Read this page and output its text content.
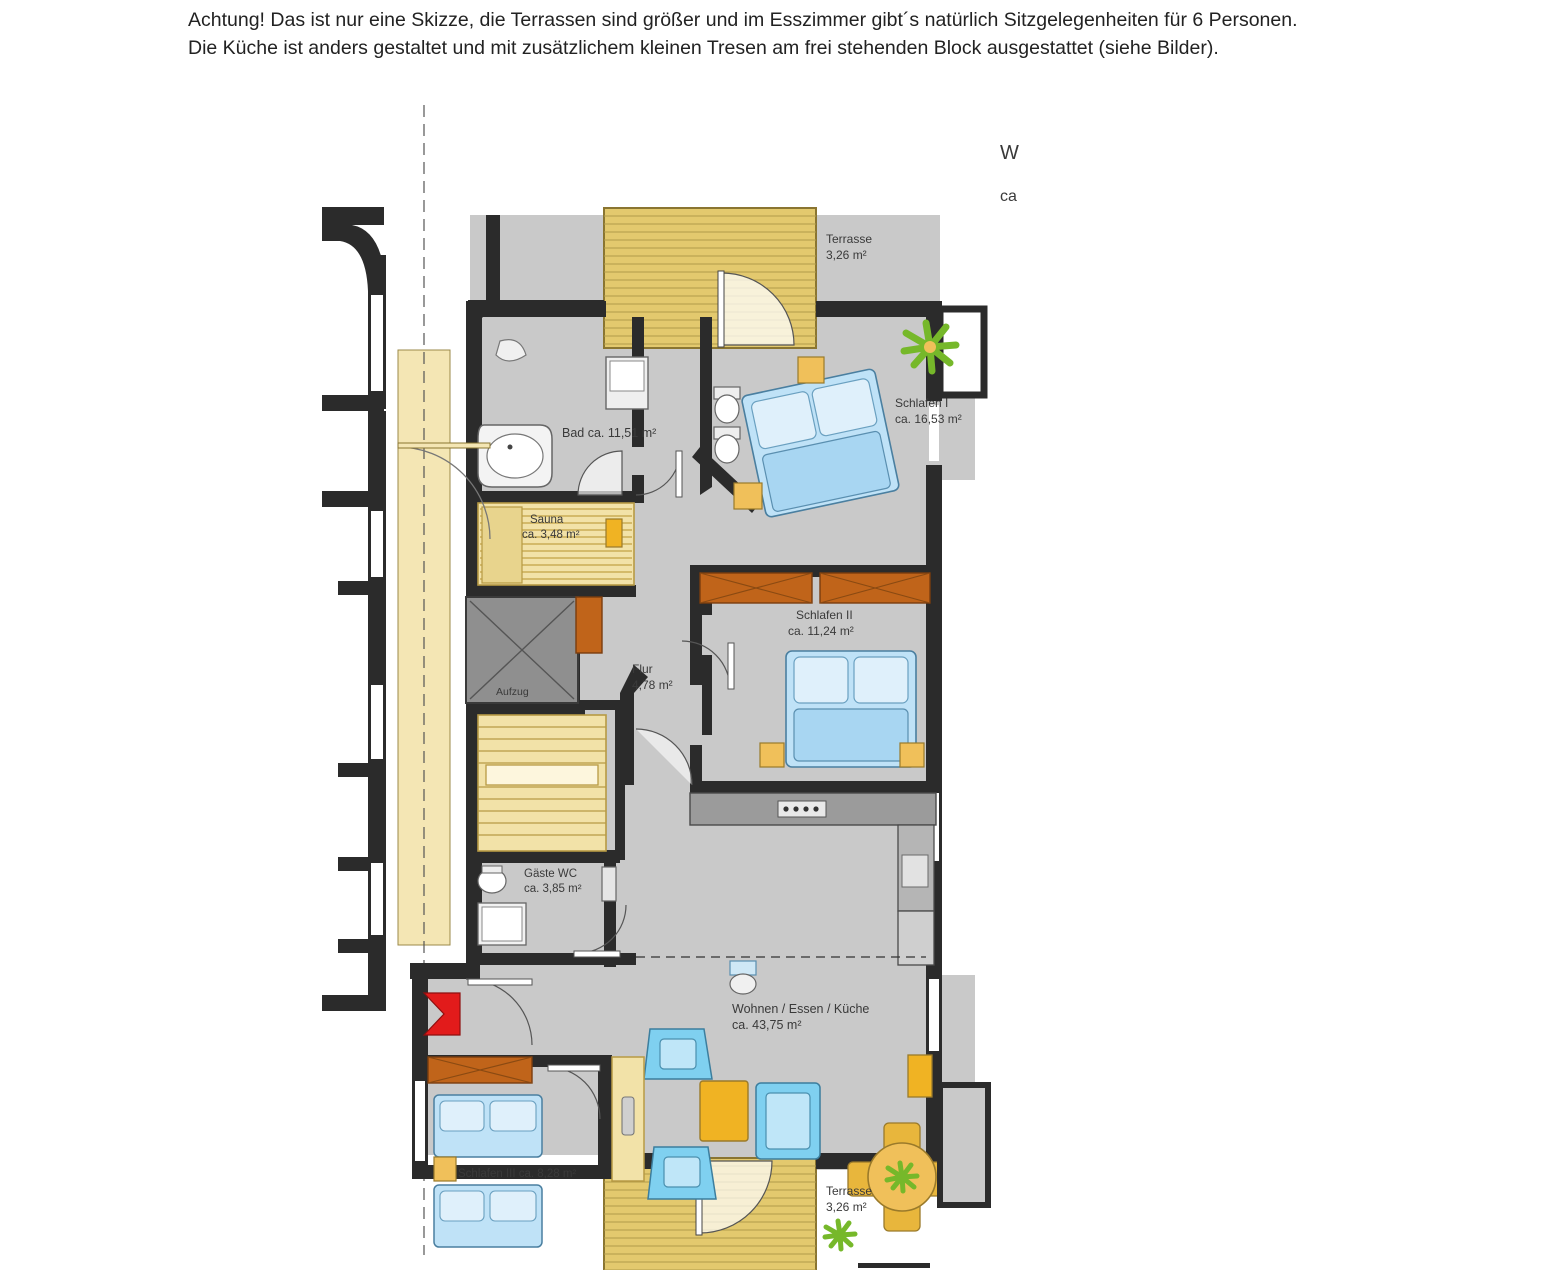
Achtung! Das ist nur eine Skizze, die Terrassen sind größer und im Esszimmer gibt´s natürlich Sitzgelegenheiten für 6 Personen.
Die Küche ist anders gestaltet und mit zusätzlichem kleinen Tresen am frei stehenden Block ausgestattet (siehe Bilder).
Bad ca. 11,51 m²
Schlafen I
ca. 16,53 m²
Sauna
ca. 3,48 m²
Aufzug
Flur
4,78 m²
Schlafen II
ca. 11,24 m²
Gäste WC
ca. 3,85 m²
Wohnen / Essen / Küche
ca. 43,75 m²
Schlafen III ca. 8,28 m²
Terrasse
3,26 m²
Terrasse
3,26 m²
W
ca
